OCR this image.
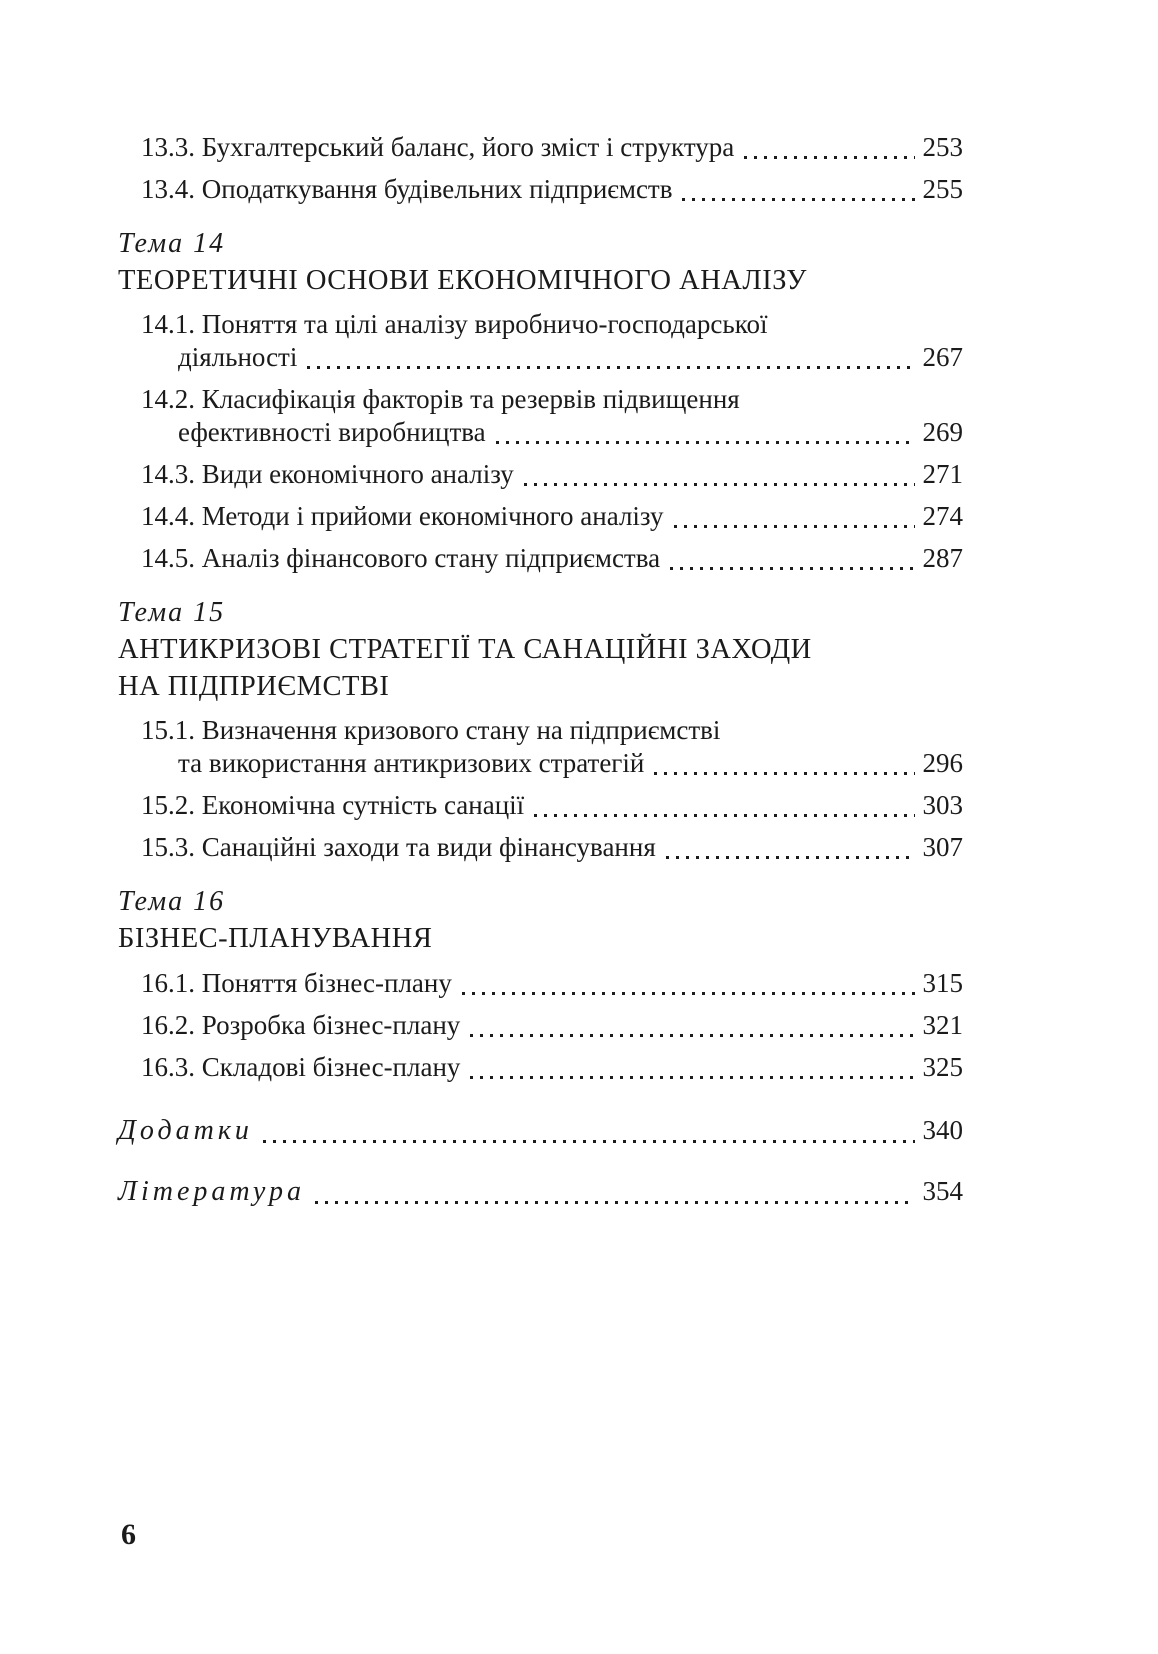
13.3. Бухгалтерський баланс, його зміст і структура	253
13.4. Оподаткування будівельних підприємств	255
Тема 14
ТЕОРЕТИЧНІ ОСНОВИ ЕКОНОМІЧНОГО АНАЛІЗУ
14.1. Поняття та цілі аналізу виробничо-господарської
діяльності	267
14.2. Класифікація факторів та резервів підвищення
ефективності виробництва	269
14.3. Види економічного аналізу	271
14.4. Методи і прийоми економічного аналізу	274
14.5. Аналіз фінансового стану підприємства	287
Тема 15
АНТИКРИЗОВІ СТРАТЕГІЇ ТА САНАЦІЙНІ ЗАХОДИ
НА ПІДПРИЄМСТВІ
15.1. Визначення кризового стану на підприємстві
та використання антикризових стратегій	296
15.2. Економічна сутність санації	303
15.3. Санаційні заходи та види фінансування	307
Тема 16
БІЗНЕС-ПЛАНУВАННЯ
16.1. Поняття бізнес-плану	315
16.2. Розробка бізнес-плану	321
16.3. Складові бізнес-плану	325
Додатки	340
Література	354
6
